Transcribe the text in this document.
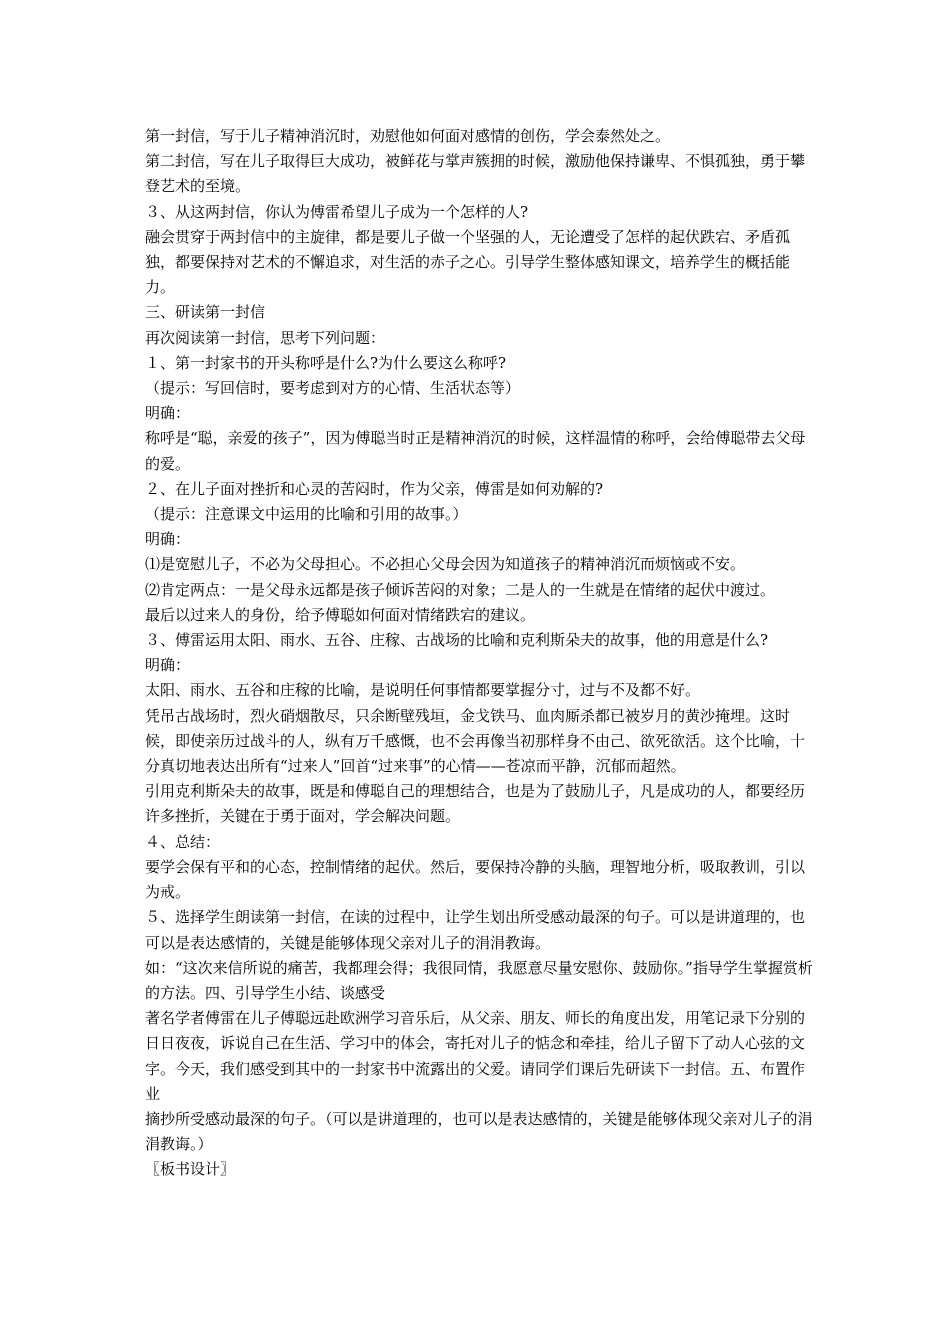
第一封信，写于儿子精神消沉时，劝慰他如何面对感情的创伤，学会泰然处之。

第二封信，写在儿子取得巨大成功，被鲜花与掌声簇拥的时候，激励他保持谦卑、不惧孤独，勇于攀登艺术的至境。

３、从这两封信，你认为傅雷希望儿子成为一个怎样的人?

融会贯穿于两封信中的主旋律，都是要儿子做一个坚强的人，无论遭受了怎样的起伏跌宕、矛盾孤独，都要保持对艺术的不懈追求，对生活的赤子之心。引导学生整体感知课文，培养学生的概括能力。

三、研读第一封信

再次阅读第一封信，思考下列问题：

１、第一封家书的开头称呼是什么?为什么要这么称呼?

（提示：写回信时，要考虑到对方的心情、生活状态等）

明确：

称呼是“聪，亲爱的孩子”，因为傅聪当时正是精神消沉的时候，这样温情的称呼，会给傅聪带去父母的爱。

２、在儿子面对挫折和心灵的苦闷时，作为父亲，傅雷是如何劝解的?

（提示：注意课文中运用的比喻和引用的故事。）

明确：

⑴是宽慰儿子，不必为父母担心。不必担心父母会因为知道孩子的精神消沉而烦恼或不安。

⑵肯定两点：一是父母永远都是孩子倾诉苦闷的对象；二是人的一生就是在情绪的起伏中渡过。

最后以过来人的身份，给予傅聪如何面对情绪跌宕的建议。

３、傅雷运用太阳、雨水、五谷、庄稼、古战场的比喻和克利斯朵夫的故事，他的用意是什么?

明确：

太阳、雨水、五谷和庄稼的比喻，是说明任何事情都要掌握分寸，过与不及都不好。

凭吊古战场时，烈火硝烟散尽，只余断壁残垣，金戈铁马、血肉厮杀都已被岁月的黄沙掩埋。这时候，即使亲历过战斗的人，纵有万千感慨，也不会再像当初那样身不由己、欲死欲活。这个比喻，十分真切地表达出所有“过来人”回首“过来事”的心情——苍凉而平静，沉郁而超然。

引用克利斯朵夫的故事，既是和傅聪自己的理想结合，也是为了鼓励儿子，凡是成功的人，都要经历许多挫折，关键在于勇于面对，学会解决问题。

４、总结：

要学会保有平和的心态，控制情绪的起伏。然后，要保持冷静的头脑，理智地分析，吸取教训，引以为戒。

５、选择学生朗读第一封信，在读的过程中，让学生划出所受感动最深的句子。可以是讲道理的，也可以是表达感情的，关键是能够体现父亲对儿子的涓涓教诲。

如：“这次来信所说的痛苦，我都理会得；我很同情，我愿意尽量安慰你、鼓励你。”指导学生掌握赏析的方法。四、引导学生小结、谈感受

著名学者傅雷在儿子傅聪远赴欧洲学习音乐后，从父亲、朋友、师长的角度出发，用笔记录下分别的日日夜夜，诉说自己在生活、学习中的体会，寄托对儿子的惦念和牵挂，给儿子留下了动人心弦的文字。今天，我们感受到其中的一封家书中流露出的父爱。请同学们课后先研读下一封信。五、布置作业

摘抄所受感动最深的句子。（可以是讲道理的，也可以是表达感情的，关键是能够体现父亲对儿子的涓涓教诲。）

〖板书设计〗
